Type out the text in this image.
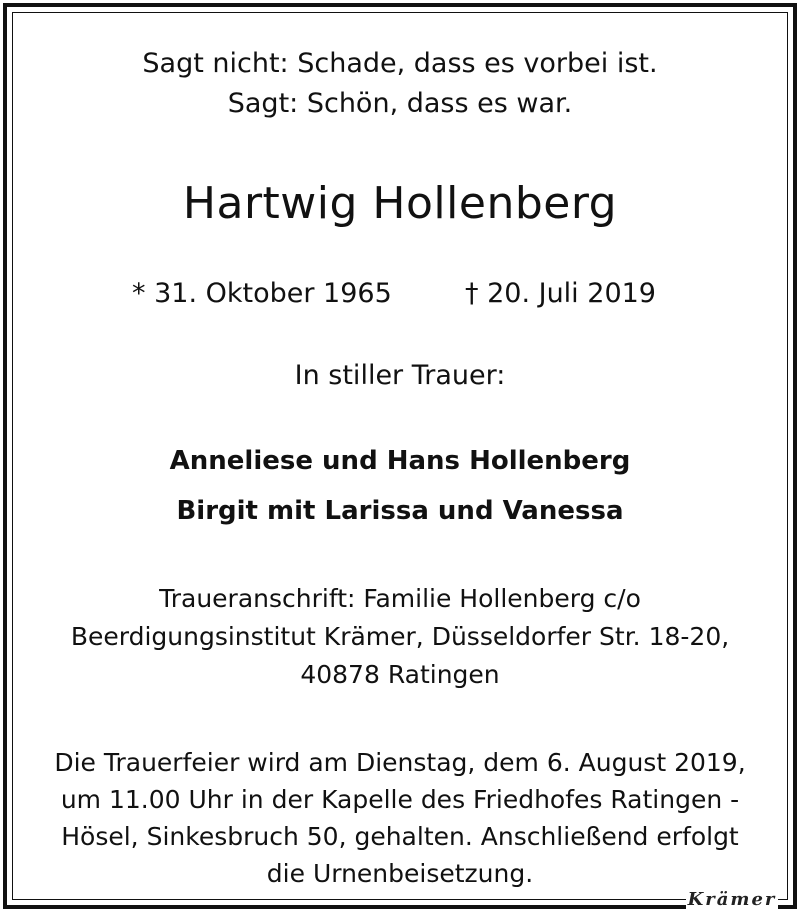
Sagt nicht: Schade, dass es vorbei ist.
Sagt: Schön, dass es war.
Hartwig Hollenberg
* 31. Oktober 1965	† 20. Juli 2019
In stiller Trauer:
Anneliese und Hans Hollenberg
Birgit mit Larissa und Vanessa
Traueranschrift: Familie Hollenberg c/o
Beerdigungsinstitut Krämer, Düsseldorfer Str. 18-20,
40878 Ratingen
Die Trauerfeier wird am Dienstag, dem 6. August 2019,
um 11.00 Uhr in der Kapelle des Friedhofes Ratingen -
Hösel, Sinkesbruch 50, gehalten. Anschließend erfolgt
die Urnenbeisetzung.
Krämer
